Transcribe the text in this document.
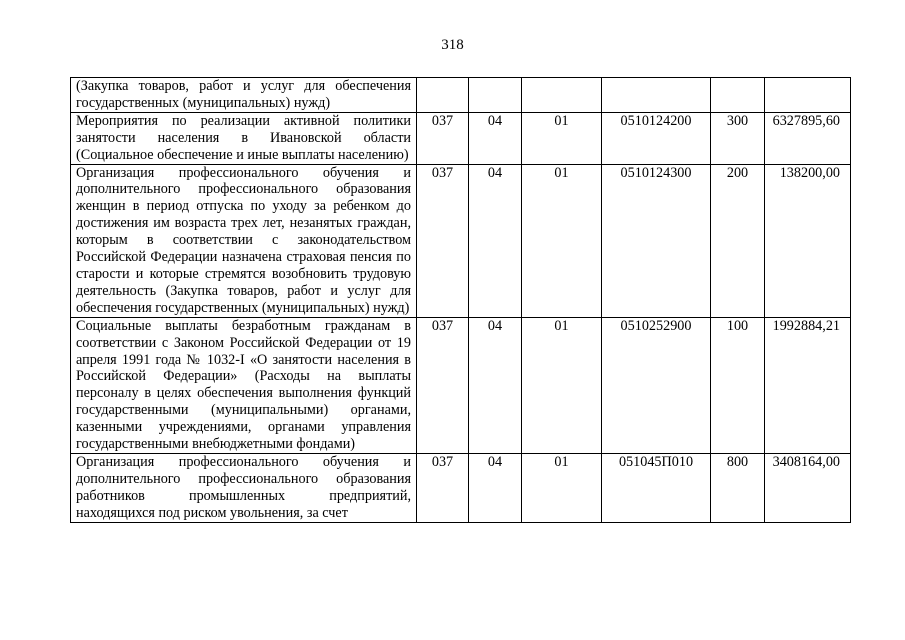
318
(Закупка товаров, работ и услуг для обеспечения государственных (муниципальных) нужд)						
Мероприятия по реализации активной политики занятости населения в Ивановской области (Социальное обеспечение и иные выплаты населению)	037	04	01	0510124200	300	6327895,60
Организация профессионального обучения и дополнительного профессионального образования женщин в период отпуска по уходу за ребенком до достижения им возраста трех лет, незанятых граждан, которым в соответствии с законодательством Российской Федерации назначена страховая пенсия по старости и которые стремятся возобновить трудовую деятельность (Закупка товаров, работ и услуг для обеспечения государственных (муниципальных) нужд)	037	04	01	0510124300	200	138200,00
Социальные выплаты безработным гражданам в соответствии с Законом Российской Федерации от 19 апреля 1991 года № 1032-I «О занятости населения в Российской Федерации» (Расходы на выплаты персоналу в целях обеспечения выполнения функций государственными (муниципальными) органами, казенными учреждениями, органами управления государственными внебюджетными фондами)	037	04	01	0510252900	100	1992884,21
Организация профессионального обучения и дополнительного профессионального образования работников промышленных предприятий, находящихся под риском увольнения, за счет	037	04	01	051045П010	800	3408164,00
